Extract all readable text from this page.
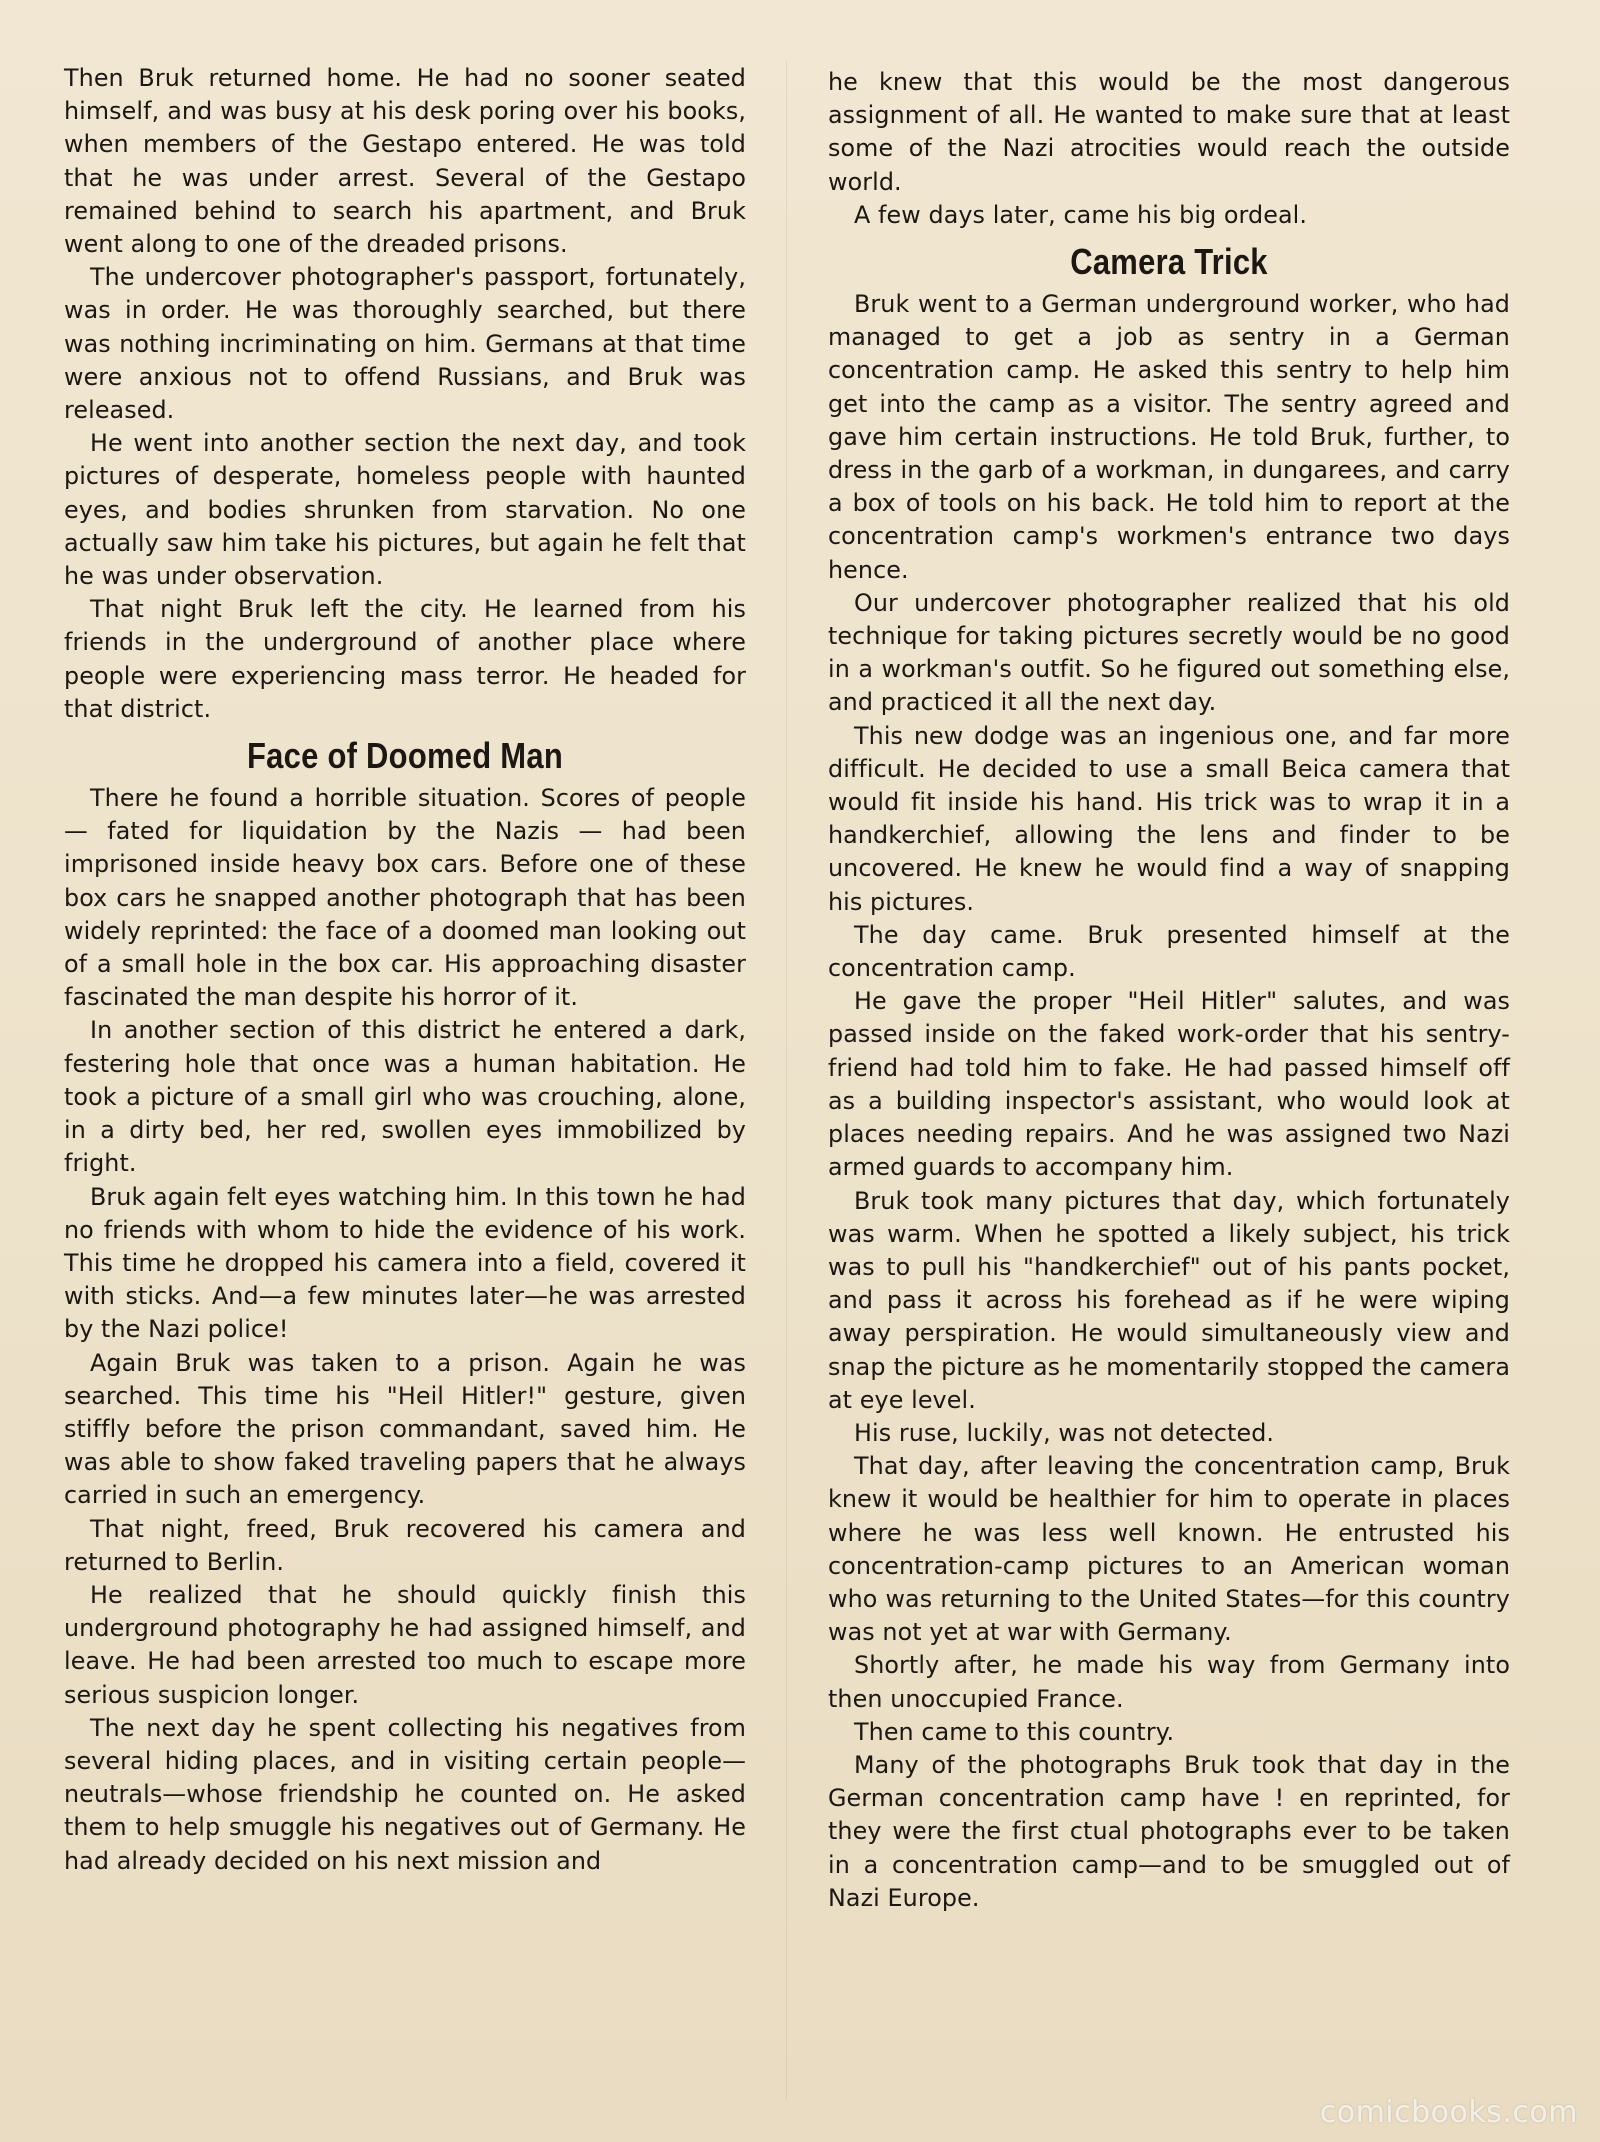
Then Bruk returned home. He had no sooner seated himself, and was busy at his desk poring over his books, when members of the Gestapo entered. He was told that he was under arrest. Several of the Gestapo remained behind to search his apartment, and Bruk went along to one of the dreaded prisons.

The undercover photographer's passport, fortunately, was in order. He was thoroughly searched, but there was nothing incriminating on him. Germans at that time were anxious not to offend Russians, and Bruk was released.

He went into another section the next day, and took pictures of desperate, homeless people with haunted eyes, and bodies shrunken from starvation. No one actually saw him take his pictures, but again he felt that he was under observation.

That night Bruk left the city. He learned from his friends in the underground of another place where people were experiencing mass terror. He headed for that district.

Face of Doomed Man

There he found a horrible situation. Scores of people — fated for liquidation by the Nazis — had been imprisoned inside heavy box cars. Before one of these box cars he snapped another photograph that has been widely reprinted: the face of a doomed man looking out of a small hole in the box car. His approaching disaster fascinated the man despite his horror of it.

In another section of this district he entered a dark, festering hole that once was a human habitation. He took a picture of a small girl who was crouching, alone, in a dirty bed, her red, swollen eyes immobilized by fright.

Bruk again felt eyes watching him. In this town he had no friends with whom to hide the evidence of his work. This time he dropped his camera into a field, covered it with sticks. And—a few minutes later—he was arrested by the Nazi police!

Again Bruk was taken to a prison. Again he was searched. This time his "Heil Hitler!" gesture, given stiffly before the prison commandant, saved him. He was able to show faked traveling papers that he always carried in such an emergency.

That night, freed, Bruk recovered his camera and returned to Berlin.

He realized that he should quickly finish this underground photography he had assigned himself, and leave. He had been arrested too much to escape more serious suspicion longer.

The next day he spent collecting his negatives from several hiding places, and in visiting certain people—neutrals—whose friendship he counted on. He asked them to help smuggle his negatives out of Germany. He had already decided on his next mission and

he knew that this would be the most dangerous assignment of all. He wanted to make sure that at least some of the Nazi atrocities would reach the outside world.

A few days later, came his big ordeal.

Camera Trick

Bruk went to a German underground worker, who had managed to get a job as sentry in a German concentration camp. He asked this sentry to help him get into the camp as a visitor. The sentry agreed and gave him certain instructions. He told Bruk, further, to dress in the garb of a workman, in dungarees, and carry a box of tools on his back. He told him to report at the concentration camp's workmen's entrance two days hence.

Our undercover photographer realized that his old technique for taking pictures secretly would be no good in a workman's outfit. So he figured out something else, and practiced it all the next day.

This new dodge was an ingenious one, and far more difficult. He decided to use a small Beica camera that would fit inside his hand. His trick was to wrap it in a handkerchief, allowing the lens and finder to be uncovered. He knew he would find a way of snapping his pictures.

The day came. Bruk presented himself at the concentration camp.

He gave the proper "Heil Hitler" salutes, and was passed inside on the faked work-order that his sentry-friend had told him to fake. He had passed himself off as a building inspector's assistant, who would look at places needing repairs. And he was assigned two Nazi armed guards to accompany him.

Bruk took many pictures that day, which fortunately was warm. When he spotted a likely subject, his trick was to pull his "handkerchief" out of his pants pocket, and pass it across his forehead as if he were wiping away perspiration. He would simultaneously view and snap the picture as he momentarily stopped the camera at eye level.

His ruse, luckily, was not detected.

That day, after leaving the concentration camp, Bruk knew it would be healthier for him to operate in places where he was less well known. He entrusted his concentration-camp pictures to an American woman who was returning to the United States—for this country was not yet at war with Germany.

Shortly after, he made his way from Germany into then unoccupied France.

Then came to this country.

Many of the photographs Bruk took that day in the German concentration camp have ! en reprinted, for they were the first ctual photographs ever to be taken in a concentration camp—and to be smuggled out of Nazi Europe.

comicbooks.com
